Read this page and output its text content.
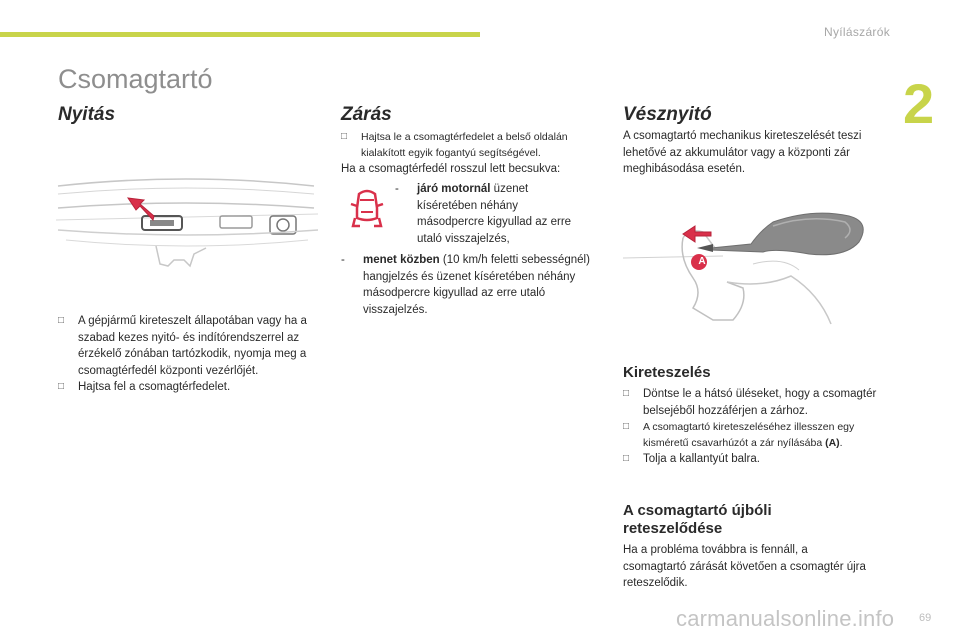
Nyílászárók
2
Csomagtartó
Nyitás
□ A gépjármű kireteszelt állapotában vagy ha a szabad kezes nyitó- és indítórendszerrel az érzékelő zónában tartózkodik, nyomja meg a csomagtérfedél központi vezérlőjét.
□ Hajtsa fel a csomagtérfedelet.
Zárás
□ Hajtsa le a csomagtérfedelet a belső oldalán kialakított egyik fogantyú segítségével.
Ha a csomagtérfedél rosszul lett becsukva:
- járó motornál üzenet kíséretében néhány másodpercre kigyullad az erre utaló visszajelzés,
- menet közben (10 km/h feletti sebességnél) hangjelzés és üzenet kíséretében néhány másodpercre kigyullad az erre utaló visszajelzés.
Vésznyitó
A csomagtartó mechanikus kireteszelését teszi lehetővé az akkumulátor vagy a központi zár meghibásodása esetén.
A
Kireteszelés
□ Döntse le a hátsó üléseket, hogy a csomagtér belsejéből hozzáférjen a zárhoz.
□ A csomagtartó kireteszeléséhez illesszen egy kisméretű csavarhúzót a zár nyílásába (A).
□ Tolja a kallantyút balra.
A csomagtartó újbóli
reteszelődése
Ha a probléma továbbra is fennáll, a csomagtartó zárását követően a csomagtér újra reteszelődik.
carmanualsonline.info 69
